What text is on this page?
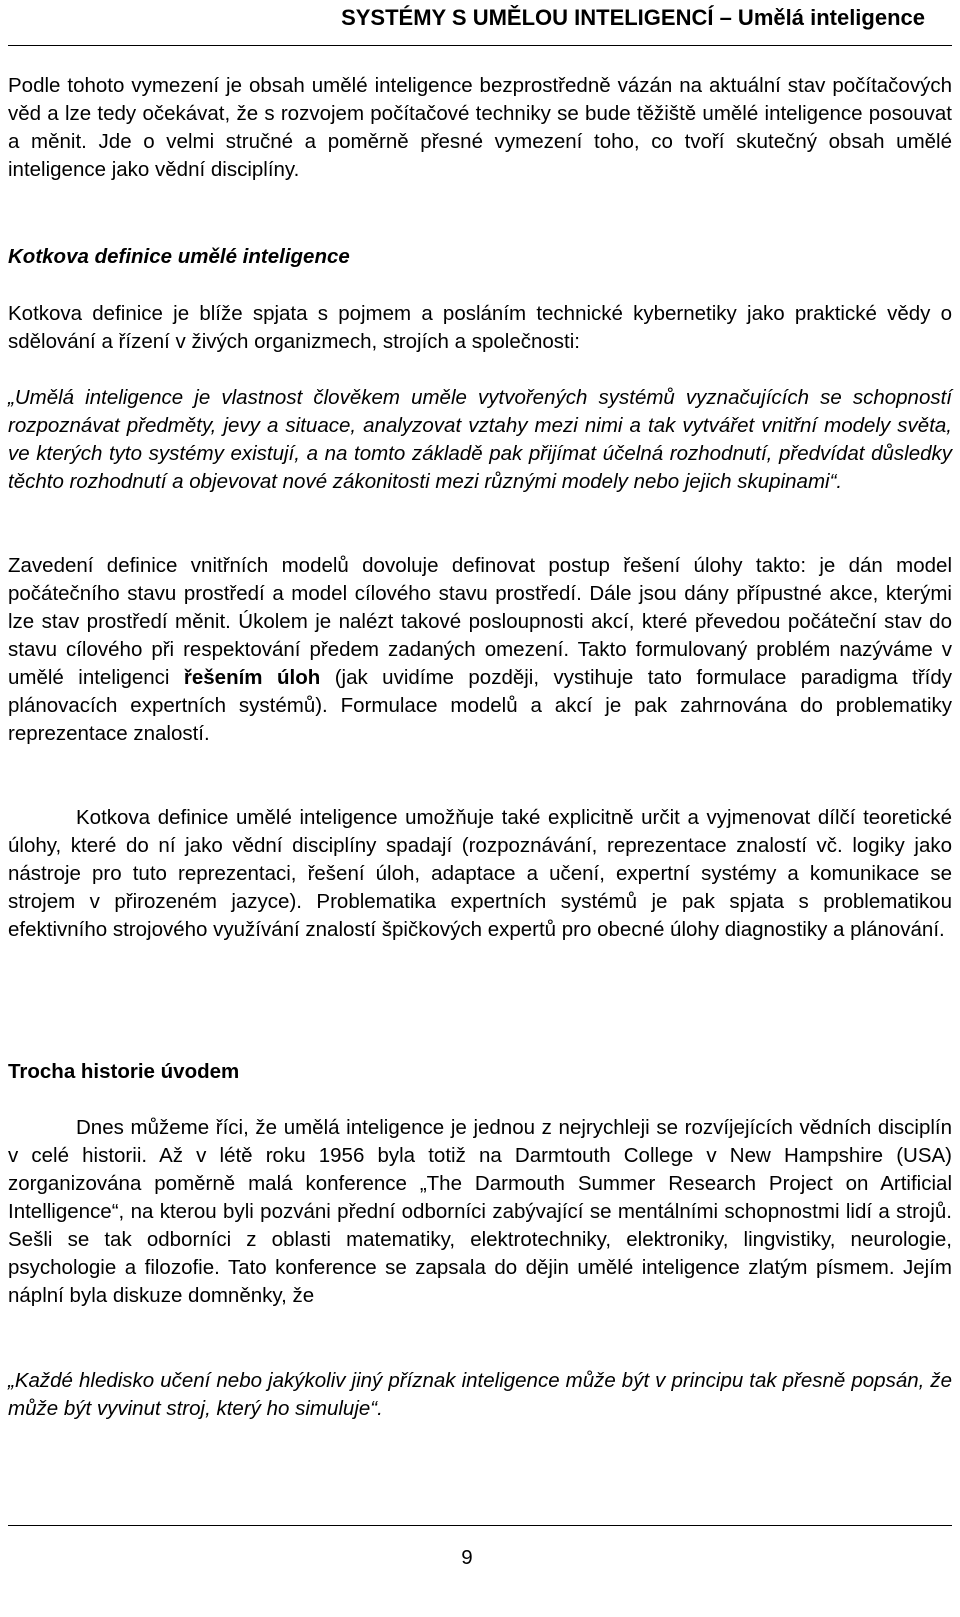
SYSTÉMY S UMĚLOU INTELIGENCÍ – Umělá inteligence

Podle tohoto vymezení je obsah umělé inteligence bezprostředně vázán na aktuální stav počítačových věd a lze tedy očekávat, že s rozvojem počítačové techniky se bude těžiště umělé inteligence posouvat a měnit. Jde o velmi stručné a poměrně přesné vymezení toho, co tvoří skutečný obsah umělé inteligence jako vědní disciplíny.

Kotkova definice umělé inteligence

Kotkova definice je blíže spjata s pojmem a posláním technické kybernetiky jako praktické vědy o sdělování a řízení v živých organizmech, strojích a společnosti:

„Umělá inteligence je vlastnost člověkem uměle vytvořených systémů vyznačujících se schopností rozpoznávat předměty, jevy a situace, analyzovat vztahy mezi nimi a tak vytvářet vnitřní modely světa, ve kterých tyto systémy existují, a na tomto základě pak přijímat účelná rozhodnutí, předvídat důsledky těchto rozhodnutí a objevovat nové zákonitosti mezi různými modely nebo jejich skupinami“.

Zavedení definice vnitřních modelů dovoluje definovat postup řešení úlohy takto: je dán model počátečního stavu prostředí a model cílového stavu prostředí. Dále jsou dány přípustné akce, kterými lze stav prostředí měnit. Úkolem je nalézt takové posloupnosti akcí, které převedou počáteční stav do stavu cílového při respektování předem zadaných omezení. Takto formulovaný problém nazýváme v umělé inteligenci řešením úloh (jak uvidíme později, vystihuje tato formulace paradigma třídy plánovacích expertních systémů). Formulace modelů a akcí je pak zahrnována do problematiky reprezentace znalostí.

Kotkova definice umělé inteligence umožňuje také explicitně určit a vyjmenovat dílčí teoretické úlohy, které do ní jako vědní disciplíny spadají (rozpoznávání, reprezentace znalostí vč. logiky jako nástroje pro tuto reprezentaci, řešení úloh, adaptace a učení, expertní systémy a komunikace se strojem v přirozeném jazyce). Problematika expertních systémů je pak spjata s problematikou efektivního strojového využívání znalostí špičkových expertů pro obecné úlohy diagnostiky a plánování.

Trocha historie úvodem

Dnes můžeme říci, že umělá inteligence je jednou z nejrychleji se rozvíjejících vědních disciplín v celé historii. Až v létě roku 1956 byla totiž na Darmtouth College v New Hampshire (USA) zorganizována poměrně malá konference „The Darmouth Summer Research Project on Artificial Intelligence“, na kterou byli pozváni přední odborníci zabývající se mentálními schopnostmi lidí a strojů. Sešli se tak odborníci z oblasti matematiky, elektrotechniky, elektroniky, lingvistiky, neurologie, psychologie a filozofie. Tato konference se zapsala do dějin umělé inteligence zlatým písmem. Jejím náplní byla diskuze domněnky, že

„Každé hledisko učení nebo jakýkoliv jiný příznak inteligence může být v principu tak přesně popsán, že může být vyvinut stroj, který ho simuluje“.

9
